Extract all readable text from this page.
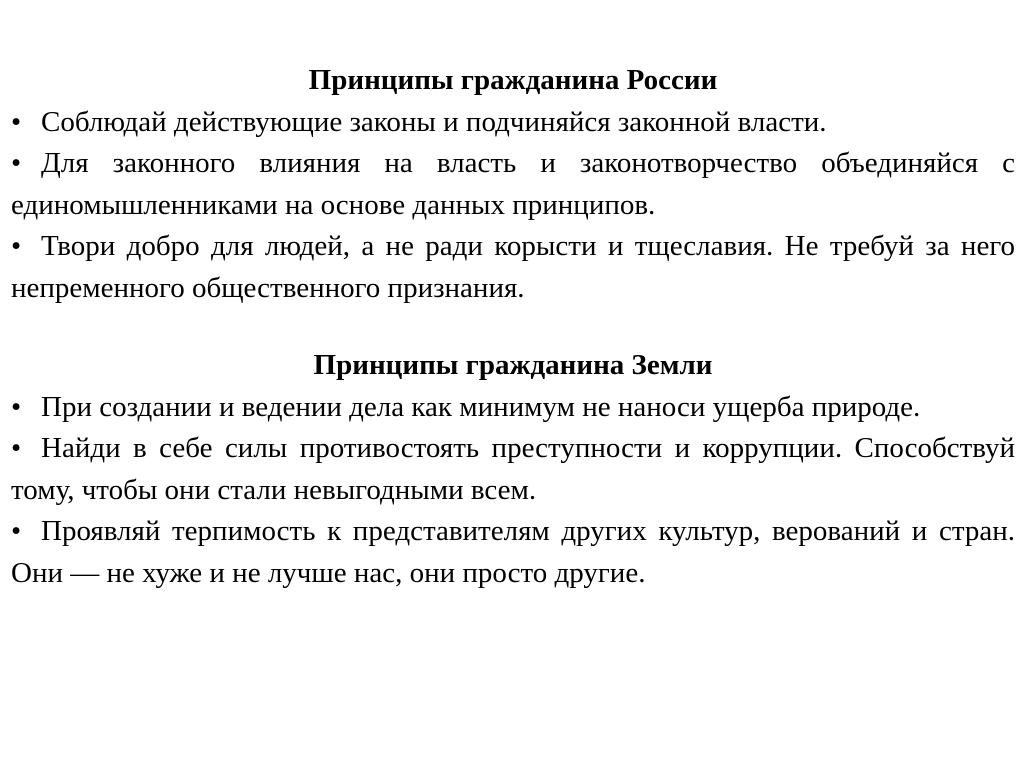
Принципы гражданина России

• Соблюдай действующие законы и подчиняйся законной власти.
• Для законного влияния на власть и законотворчество объединяйся с единомышленниками на основе данных принципов.
• Твори добро для людей, а не ради корысти и тщеславия. Не требуй за него непременного общественного признания.

Принципы гражданина Земли

• При создании и ведении дела как минимум не наноси ущерба природе.
• Найди в себе силы противостоять преступности и коррупции. Способствуй тому, чтобы они стали невыгодными всем.
• Проявляй терпимость к представителям других культур, верований и стран. Они — не хуже и не лучше нас, они просто другие.
